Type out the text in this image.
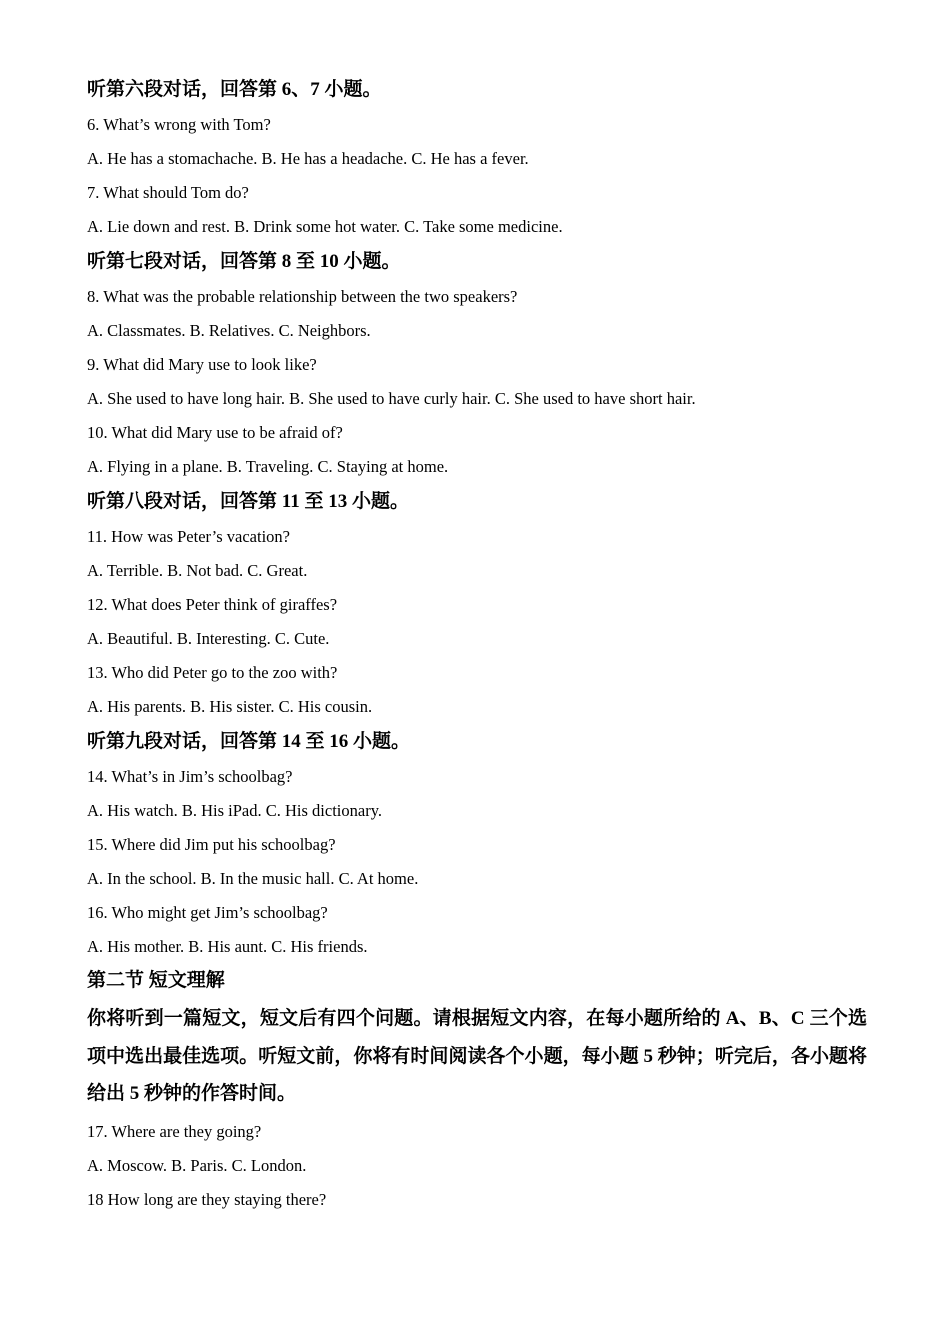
听第六段对话，回答第 6、7 小题。
6. What’s wrong with Tom?
A. He has a stomachache. B. He has a headache. C. He has a fever.
7. What should Tom do?
A. Lie down and rest. B. Drink some hot water. C. Take some medicine.
听第七段对话，回答第 8 至 10 小题。
8. What was the probable relationship between the two speakers?
A. Classmates. B. Relatives. C. Neighbors.
9. What did Mary use to look like?
A. She used to have long hair. B. She used to have curly hair. C. She used to have short hair.
10. What did Mary use to be afraid of?
A. Flying in a plane. B. Traveling. C. Staying at home.
听第八段对话，回答第 11 至 13 小题。
11. How was Peter’s vacation?
A. Terrible. B. Not bad. C. Great.
12. What does Peter think of giraffes?
A. Beautiful. B. Interesting. C. Cute.
13. Who did Peter go to the zoo with?
A. His parents. B. His sister. C. His cousin.
听第九段对话，回答第 14 至 16 小题。
14. What’s in Jim’s schoolbag?
A. His watch. B. His iPad. C. His dictionary.
15. Where did Jim put his schoolbag?
A. In the school. B. In the music hall. C. At home.
16. Who might get Jim’s schoolbag?
A. His mother. B. His aunt. C. His friends.
第二节 短文理解
你将听到一篇短文，短文后有四个问题。请根据短文内容，在每小题所给的 A、B、C 三个选项中选出最佳选项。听短文前，你将有时间阅读各个小题，每小题 5 秒钟；听完后，各小题将给出 5 秒钟的作答时间。
17. Where are they going?
A. Moscow. B. Paris. C. London.
18 How long are they staying there?
